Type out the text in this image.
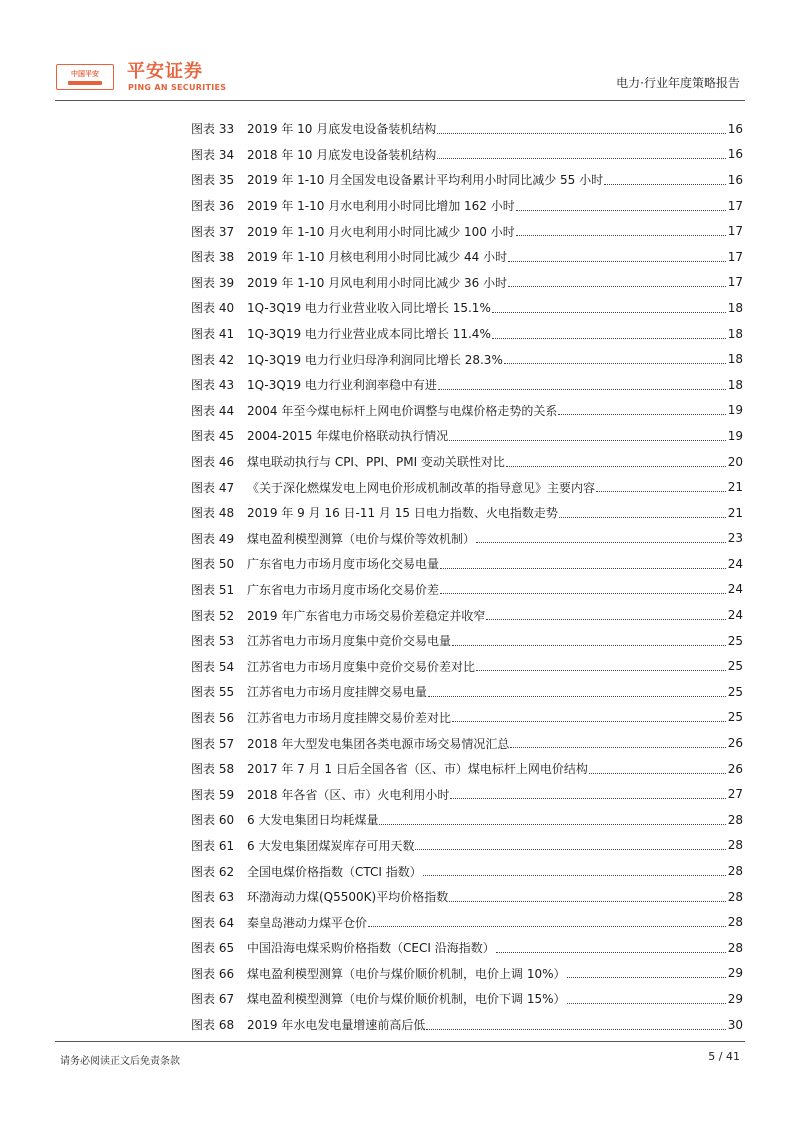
中国平安 平安证券
PING AN SECURITIES	电力·行业年度策略报告
图表 33	2019 年 10 月底发电设备装机结构	16
图表 34	2018 年 10 月底发电设备装机结构	16
图表 35	2019 年 1-10 月全国发电设备累计平均利用小时同比减少 55 小时	16
图表 36	2019 年 1-10 月水电利用小时同比增加 162 小时	17
图表 37	2019 年 1-10 月火电利用小时同比减少 100 小时	17
图表 38	2019 年 1-10 月核电利用小时同比减少 44 小时	17
图表 39	2019 年 1-10 月风电利用小时同比减少 36 小时	17
图表 40	1Q-3Q19 电力行业营业收入同比增长 15.1%	18
图表 41	1Q-3Q19 电力行业营业成本同比增长 11.4%	18
图表 42	1Q-3Q19 电力行业归母净利润同比增长 28.3%	18
图表 43	1Q-3Q19 电力行业利润率稳中有进	18
图表 44	2004 年至今煤电标杆上网电价调整与电煤价格走势的关系	19
图表 45	2004-2015 年煤电价格联动执行情况	19
图表 46	煤电联动执行与 CPI、PPI、PMI 变动关联性对比	20
图表 47	《关于深化燃煤发电上网电价形成机制改革的指导意见》主要内容	21
图表 48	2019 年 9 月 16 日-11 月 15 日电力指数、火电指数走势	21
图表 49	煤电盈利模型测算（电价与煤价等效机制）	23
图表 50	广东省电力市场月度市场化交易电量	24
图表 51	广东省电力市场月度市场化交易价差	24
图表 52	2019 年广东省电力市场交易价差稳定并收窄	24
图表 53	江苏省电力市场月度集中竞价交易电量	25
图表 54	江苏省电力市场月度集中竞价交易价差对比	25
图表 55	江苏省电力市场月度挂牌交易电量	25
图表 56	江苏省电力市场月度挂牌交易价差对比	25
图表 57	2018 年大型发电集团各类电源市场交易情况汇总	26
图表 58	2017 年 7 月 1 日后全国各省（区、市）煤电标杆上网电价结构	26
图表 59	2018 年各省（区、市）火电利用小时	27
图表 60	6 大发电集团日均耗煤量	28
图表 61	6 大发电集团煤炭库存可用天数	28
图表 62	全国电煤价格指数（CTCI 指数）	28
图表 63	环渤海动力煤(Q5500K)平均价格指数	28
图表 64	秦皇岛港动力煤平仓价	28
图表 65	中国沿海电煤采购价格指数（CECI 沿海指数）	28
图表 66	煤电盈利模型测算（电价与煤价顺价机制，电价上调 10%）	29
图表 67	煤电盈利模型测算（电价与煤价顺价机制，电价下调 15%）	29
图表 68	2019 年水电发电量增速前高后低	30
请务必阅读正文后免责条款	5 / 41
